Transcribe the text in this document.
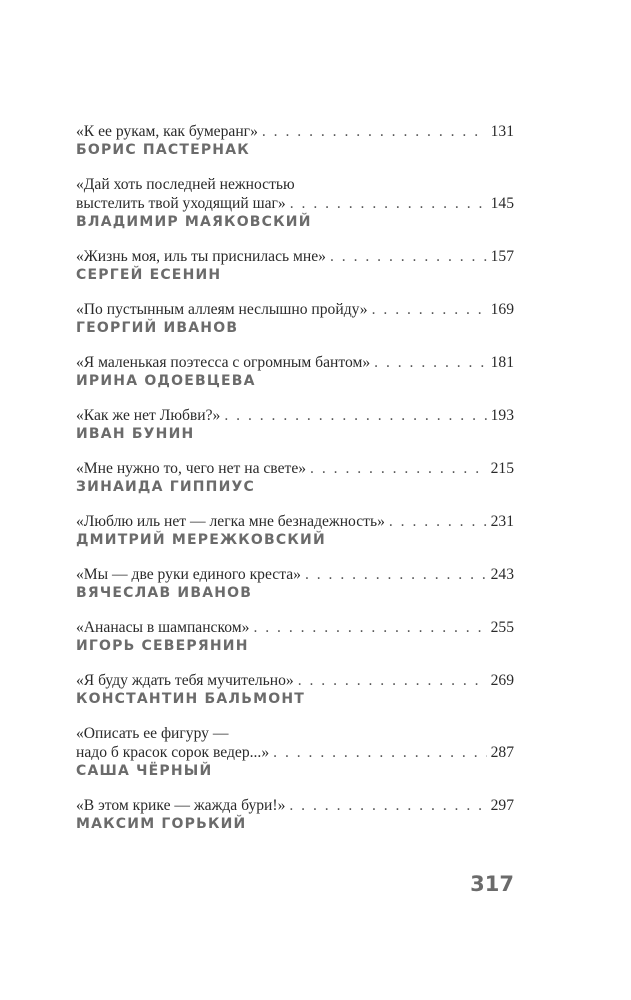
«К ее рукам, как бумеранг» . . .	131
БОРИС ПАСТЕРНАК
«Дай хоть последней нежностью
выстелить твой уходящий шаг» . . .	145
ВЛАДИМИР МАЯКОВСКИЙ
«Жизнь моя, иль ты приснилась мне» . . .	157
СЕРГЕЙ ЕСЕНИН
«По пустынным аллеям неслышно пройду» . . .	169
ГЕОРГИЙ ИВАНОВ
«Я маленькая поэтесса с огромным бантом» . . .	181
ИРИНА ОДОЕВЦЕВА
«Как же нет Любви?» . . .	193
ИВАН БУНИН
«Мне нужно то, чего нет на свете» . . .	215
ЗИНАИДА ГИППИУС
«Люблю иль нет — легка мне безнадежность» . . .	231
ДМИТРИЙ МЕРЕЖКОВСКИЙ
«Мы — две руки единого креста» . . .	243
ВЯЧЕСЛАВ ИВАНОВ
«Ананасы в шампанском» . . .	255
ИГОРЬ СЕВЕРЯНИН
«Я буду ждать тебя мучительно» . . .	269
КОНСТАНТИН БАЛЬМОНТ
«Описать ее фигуру —
надо б красок сорок ведер...» . . .	287
САША ЧЁРНЫЙ
«В этом крике — жажда бури!» . . .	297
МАКСИМ ГОРЬКИЙ
317
